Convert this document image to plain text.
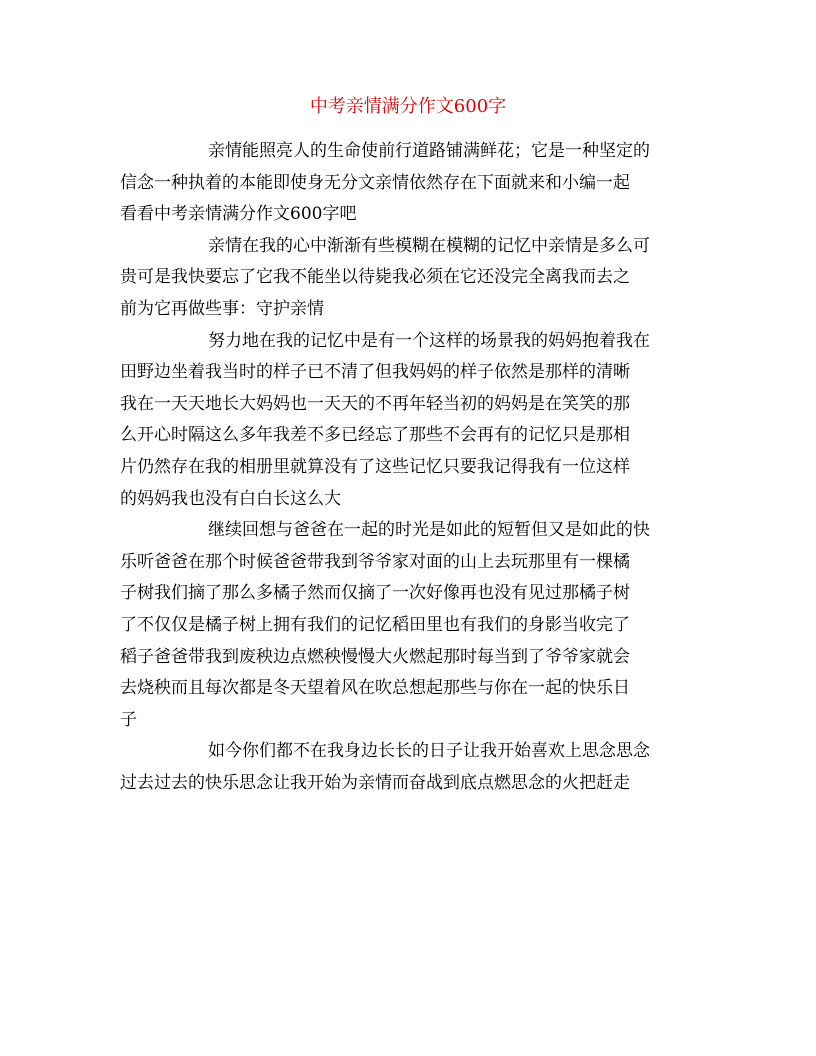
中考亲情满分作文600字

亲情能照亮人的生命使前行道路铺满鲜花；它是一种坚定的
信念一种执着的本能即使身无分文亲情依然存在下面就来和小编一起
看看中考亲情满分作文600字吧

亲情在我的心中渐渐有些模糊在模糊的记忆中亲情是多么可
贵可是我快要忘了它我不能坐以待毙我必须在它还没完全离我而去之
前为它再做些事：守护亲情

努力地在我的记忆中是有一个这样的场景我的妈妈抱着我在
田野边坐着我当时的样子已不清了但我妈妈的样子依然是那样的清晰
我在一天天地长大妈妈也一天天的不再年轻当初的妈妈是在笑笑的那
么开心时隔这么多年我差不多已经忘了那些不会再有的记忆只是那相
片仍然存在我的相册里就算没有了这些记忆只要我记得我有一位这样
的妈妈我也没有白白长这么大

继续回想与爸爸在一起的时光是如此的短暂但又是如此的快
乐听爸爸在那个时候爸爸带我到爷爷家对面的山上去玩那里有一棵橘
子树我们摘了那么多橘子然而仅摘了一次好像再也没有见过那橘子树
了不仅仅是橘子树上拥有我们的记忆稻田里也有我们的身影当收完了
稻子爸爸带我到废秧边点燃秧慢慢大火燃起那时每当到了爷爷家就会
去烧秧而且每次都是冬天望着风在吹总想起那些与你在一起的快乐日
子

如今你们都不在我身边长长的日子让我开始喜欢上思念思念
过去过去的快乐思念让我开始为亲情而奋战到底点燃思念的火把赶走
